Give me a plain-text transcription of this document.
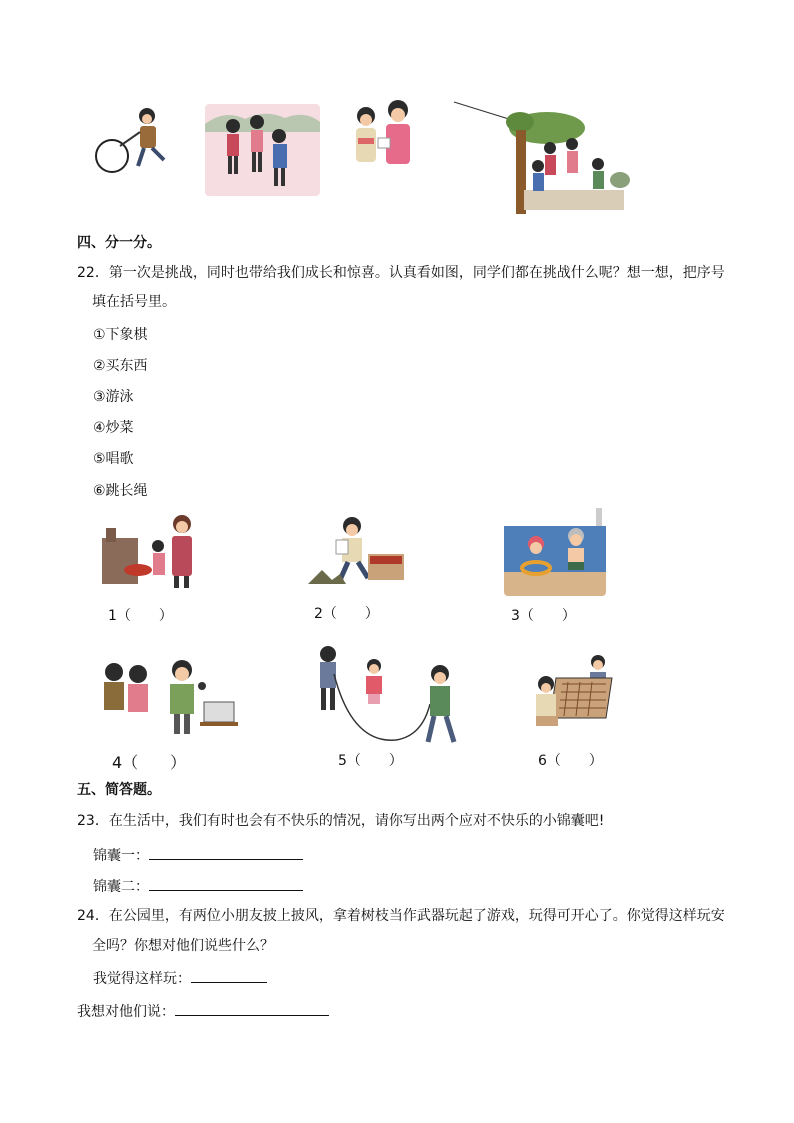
四、分一分。
22．第一次是挑战，同时也带给我们成长和惊喜。认真看如图，同学们都在挑战什么呢？想一想，把序号
填在括号里。
①下象棋
②买东西
③游泳
④炒菜
⑤唱歌
⑥跳长绳
1（　　）	2（　　）	3（　　）
4（　　）	5（　　）	6（　　）
五、简答题。
23．在生活中，我们有时也会有不快乐的情况，请你写出两个应对不快乐的小锦囊吧!
锦囊一：
锦囊二：
24．在公园里，有两位小朋友披上披风，拿着树枝当作武器玩起了游戏，玩得可开心了。你觉得这样玩安
全吗？你想对他们说些什么？
我觉得这样玩：
我想对他们说：
